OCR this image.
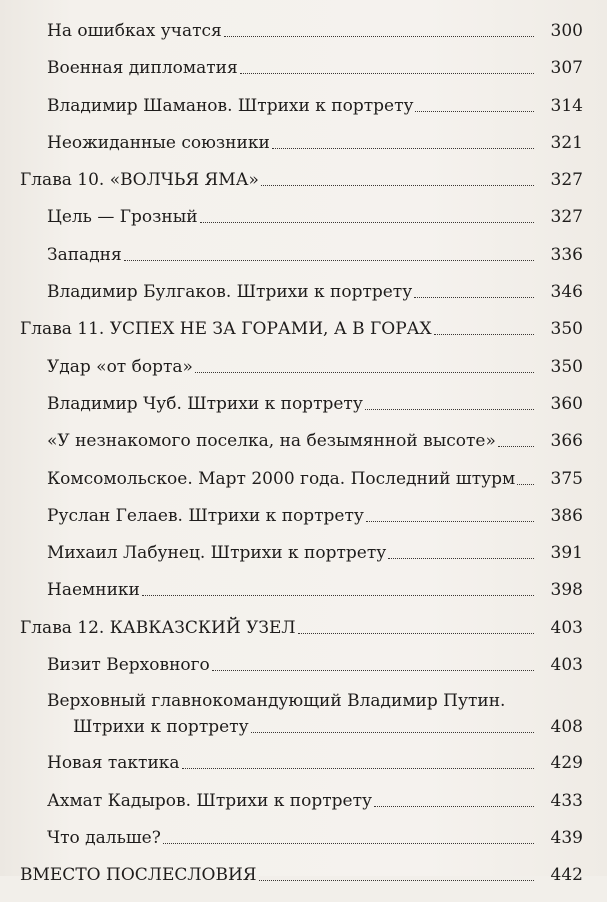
На ошибках учатся	300
Военная дипломатия	307
Владимир Шаманов. Штрихи к портрету	314
Неожиданные союзники	321
Глава 10. «ВОЛЧЬЯ ЯМА»	327
Цель — Грозный	327
Западня	336
Владимир Булгаков. Штрихи к портрету	346
Глава 11. УСПЕХ НЕ ЗА ГОРАМИ, А В ГОРАХ	350
Удар «от борта»	350
Владимир Чуб. Штрихи к портрету	360
«У незнакомого поселка, на безымянной высоте»	366
Комсомольское. Март 2000 года. Последний штурм	375
Руслан Гелаев. Штрихи к портрету	386
Михаил Лабунец. Штрихи к портрету	391
Наемники	398
Глава 12. КАВКАЗСКИЙ УЗЕЛ	403
Визит Верховного	403
Верховный главнокомандующий Владимир Путин.
Штрихи к портрету	408
Новая тактика	429
Ахмат Кадыров. Штрихи к портрету	433
Что дальше?	439
ВМЕСТО ПОСЛЕСЛОВИЯ	442
